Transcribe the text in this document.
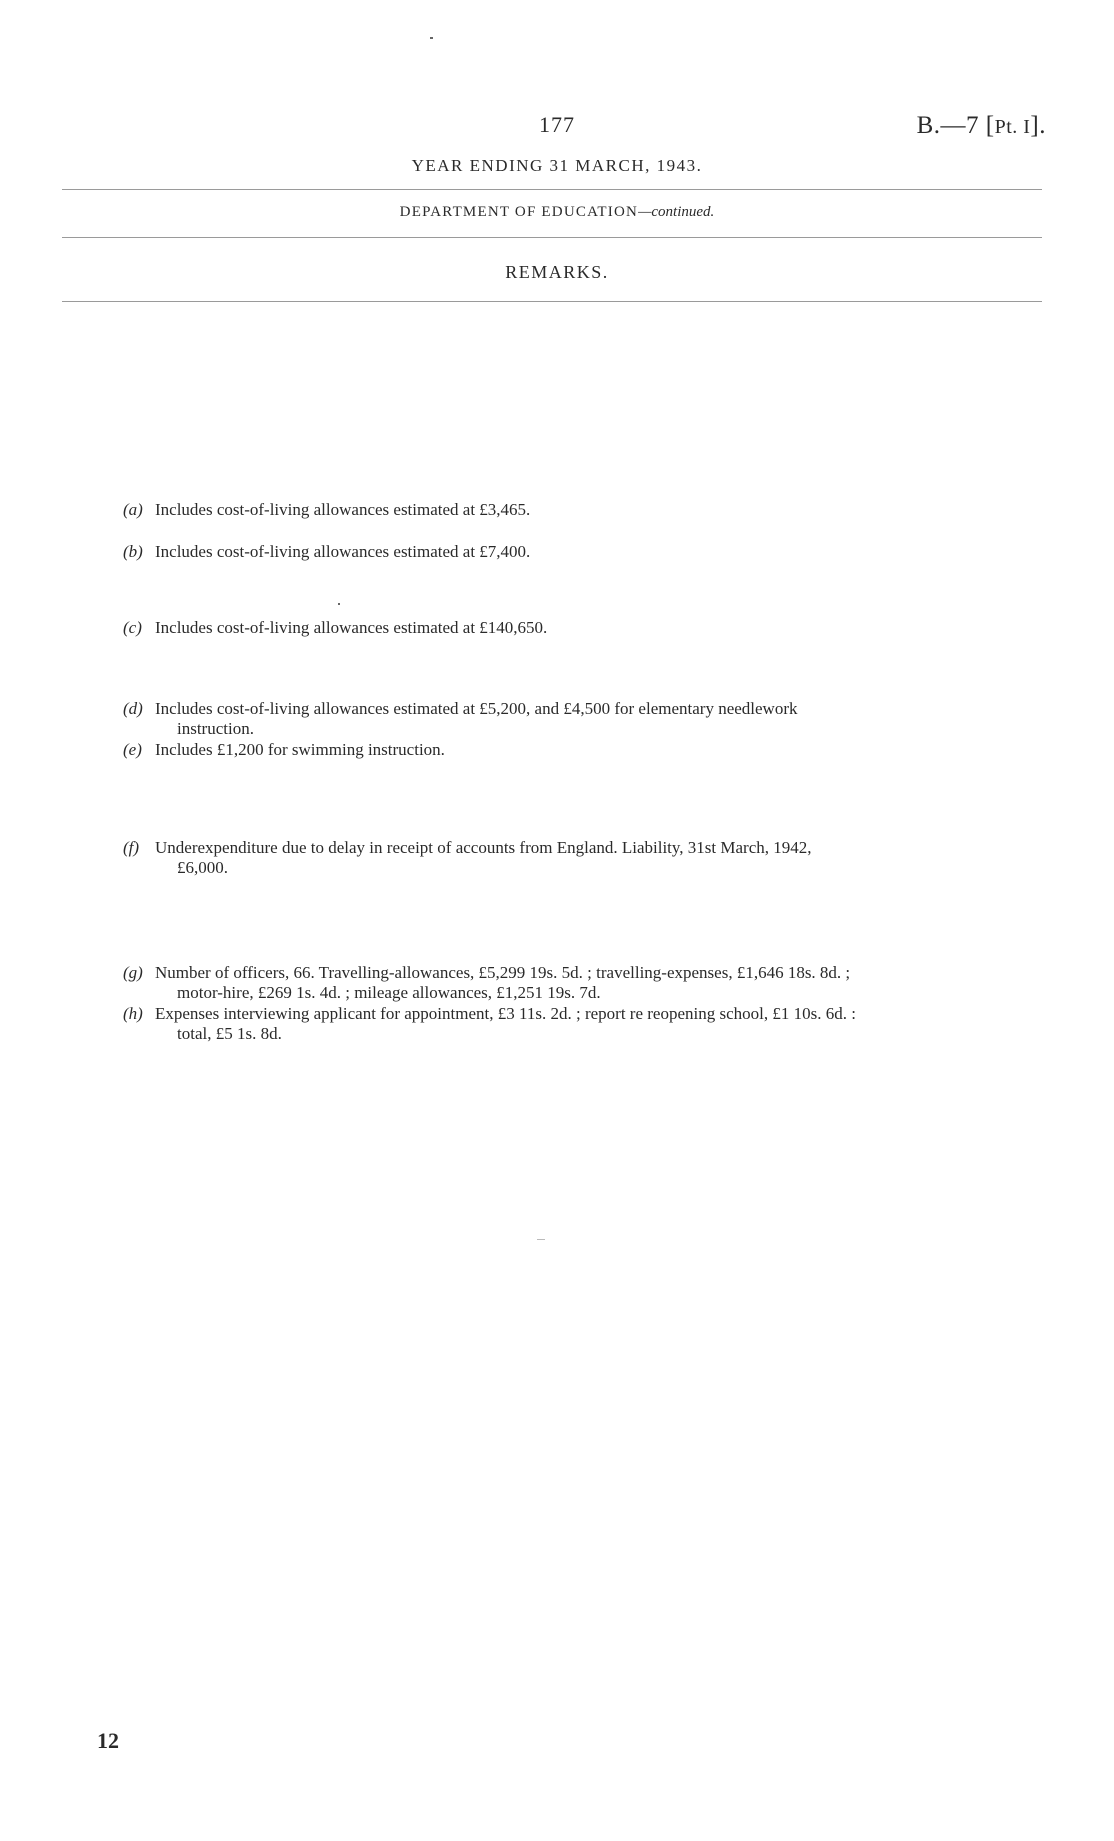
177	B.—7 [Pt. I].
YEAR ENDING 31 MARCH, 1943.
DEPARTMENT OF EDUCATION—continued.
REMARKS.
(a) Includes cost-of-living allowances estimated at £3,465.
(b) Includes cost-of-living allowances estimated at £7,400.
(c) Includes cost-of-living allowances estimated at £140,650.
(d) Includes cost-of-living allowances estimated at £5,200, and £4,500 for elementary needlework
instruction.
(e) Includes £1,200 for swimming instruction.
(f) Underexpenditure due to delay in receipt of accounts from England. Liability, 31st March, 1942,
£6,000.
(g) Number of officers, 66. Travelling-allowances, £5,299 19s. 5d. ; travelling-expenses, £1,646 18s. 8d. ;
motor-hire, £269 1s. 4d. ; mileage allowances, £1,251 19s. 7d.
(h) Expenses interviewing applicant for appointment, £3 11s. 2d. ; report re reopening school, £1 10s. 6d. :
total, £5 1s. 8d.
12
